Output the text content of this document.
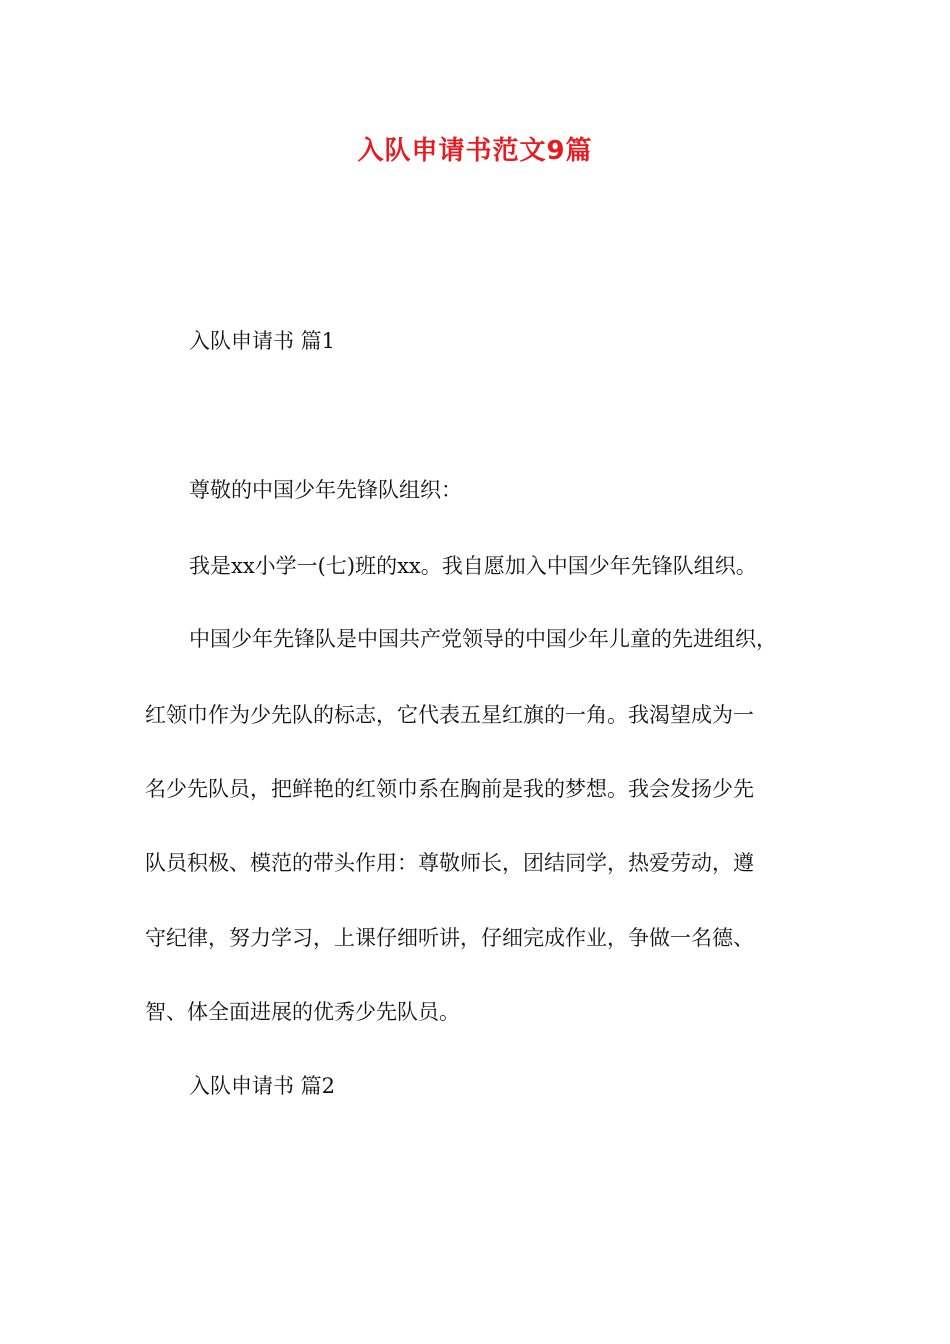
入队申请书范文9篇
入队申请书 篇1
尊敬的中国少年先锋队组织：
我是xx小学一(七)班的xx。我自愿加入中国少年先锋队组织。
中国少年先锋队是中国共产党领导的中国少年儿童的先进组织，
红领巾作为少先队的标志，它代表五星红旗的一角。我渴望成为一
名少先队员，把鲜艳的红领巾系在胸前是我的梦想。我会发扬少先
队员积极、模范的带头作用：尊敬师长，团结同学，热爱劳动，遵
守纪律，努力学习，上课仔细听讲，仔细完成作业，争做一名德、
智、体全面进展的优秀少先队员。
入队申请书 篇2
